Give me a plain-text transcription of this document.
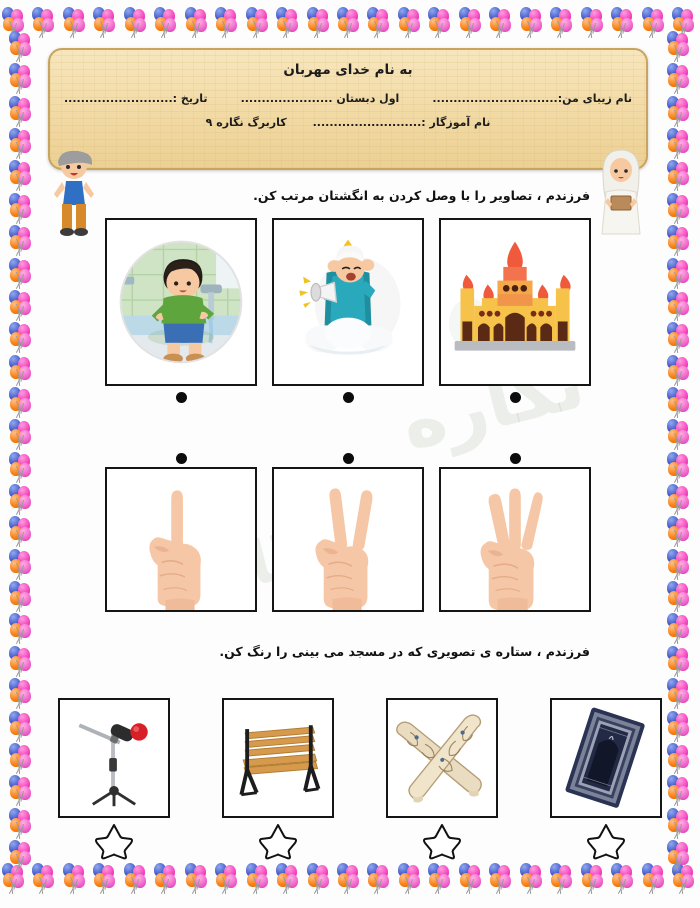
نگاره
به نام خدای مهربان
نام زیبای من:..............................
اول دبستان ......................
تاریخ :..........................
نام آموزگار :..........................
کاربرگ نگاره ۹
فرزندم ، تصاویر را با وصل کردن به انگشتان مرتب کن.
فرزندم ، ستاره ی تصویری که در مسجد می بینی را رنگ کن.
